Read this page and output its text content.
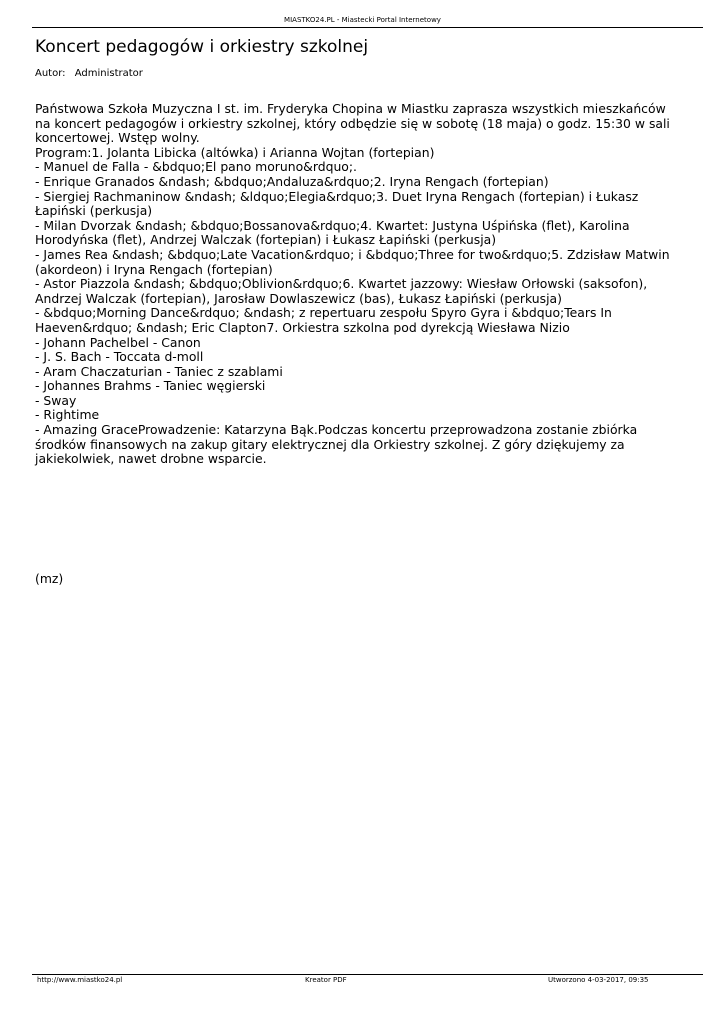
MIASTKO24.PL - Miastecki Portal Internetowy
Koncert pedagogów i orkiestry szkolnej
Autor: Administrator
Państwowa Szkoła Muzyczna I st. im. Fryderyka Chopina w Miastku zaprasza wszystkich mieszkańców na koncert pedagogów i orkiestry szkolnej, który odbędzie się w sobotę (18 maja) o godz. 15:30 w sali koncertowej. Wstęp wolny.
Program:1. Jolanta Libicka (altówka) i Arianna Wojtan (fortepian)
- Manuel de Falla - &bdquo;El pano moruno&rdquo;.
- Enrique Granados &ndash; &bdquo;Andaluza&rdquo;2. Iryna Rengach (fortepian)
- Siergiej Rachmaninow &ndash; &ldquo;Elegia&rdquo;3. Duet Iryna Rengach (fortepian) i Łukasz Łapiński (perkusja)
- Milan Dvorzak &ndash; &bdquo;Bossanova&rdquo;4. Kwartet: Justyna Uśpińska (flet), Karolina Horodyńska (flet), Andrzej Walczak (fortepian) i Łukasz Łapiński (perkusja)
- James Rea &ndash; &bdquo;Late Vacation&rdquo; i &bdquo;Three for two&rdquo;5. Zdzisław Matwin (akordeon) i Iryna Rengach (fortepian)
- Astor Piazzola &ndash; &bdquo;Oblivion&rdquo;6. Kwartet jazzowy: Wiesław Orłowski (saksofon), Andrzej Walczak (fortepian), Jarosław Dowlaszewicz (bas), Łukasz Łapiński (perkusja)
- &bdquo;Morning Dance&rdquo; &ndash; z repertuaru zespołu Spyro Gyra i &bdquo;Tears In Haeven&rdquo; &ndash; Eric Clapton7. Orkiestra szkolna pod dyrekcją Wiesława Nizio
- Johann Pachelbel - Canon
- J. S. Bach - Toccata d-moll
- Aram Chaczaturian - Taniec z szablami
- Johannes Brahms - Taniec węgierski
- Sway
- Rightime
- Amazing GraceProwadzenie: Katarzyna Bąk.Podczas koncertu przeprowadzona zostanie zbiórka środków finansowych na zakup gitary elektrycznej dla Orkiestry szkolnej. Z góry dziękujemy za jakiekolwiek, nawet drobne wsparcie.
(mz)
http://www.miastko24.pl	Kreator PDF	Utworzono 4-03-2017, 09:35
